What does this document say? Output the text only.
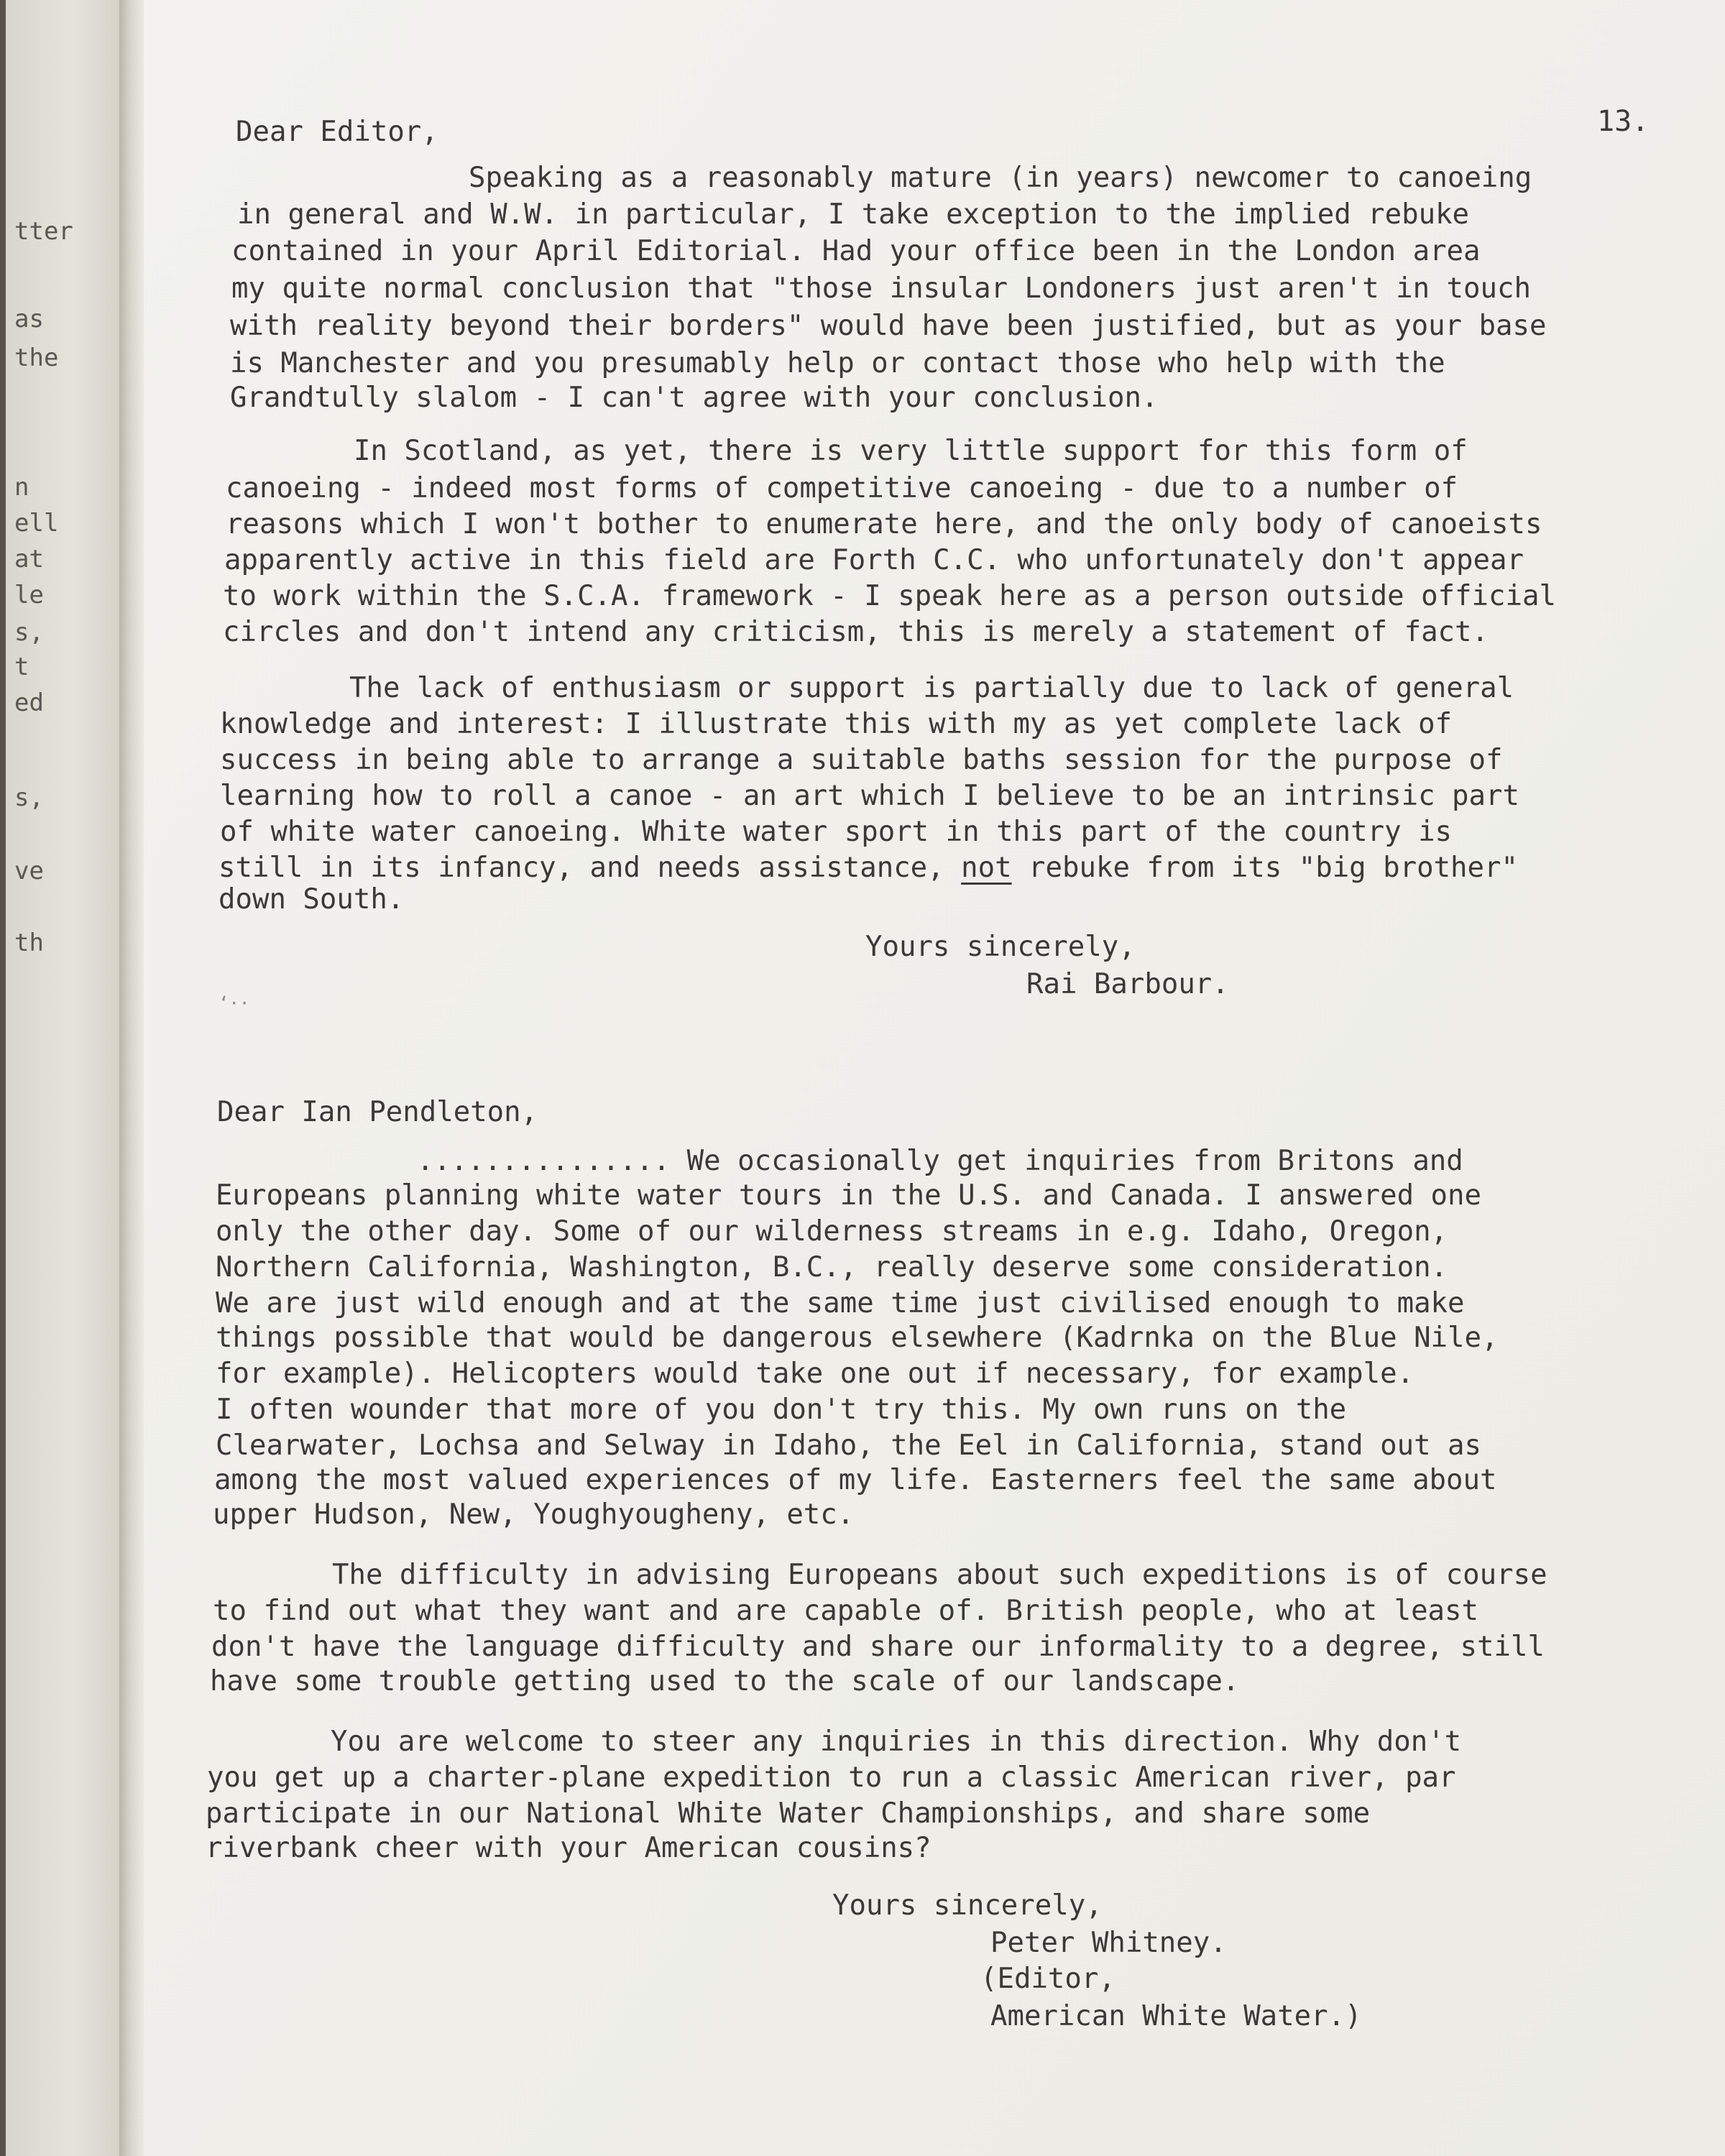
tter
as
the
n
ell
at
le
s,
t
ed
s,
ve
th
13.
Dear Editor,
Speaking as a reasonably mature (in years) newcomer to canoeing
in general and W.W. in particular, I take exception to the implied rebuke
contained in your April Editorial. Had your office been in the London area
my quite normal conclusion that "those insular Londoners just aren't in touch
with reality beyond their borders" would have been justified, but as your base
is Manchester and you presumably help or contact those who help with the
Grandtully slalom - I can't agree with your conclusion.
In Scotland, as yet, there is very little support for this form of
canoeing - indeed most forms of competitive canoeing - due to a number of
reasons which I won't bother to enumerate here, and the only body of canoeists
apparently active in this field are Forth C.C. who unfortunately don't appear
to work within the S.C.A. framework - I speak here as a person outside official
circles and don't intend any criticism, this is merely a statement of fact.
The lack of enthusiasm or support is partially due to lack of general
knowledge and interest: I illustrate this with my as yet complete lack of
success in being able to arrange a suitable baths session for the purpose of
learning how to roll a canoe - an art which I believe to be an intrinsic part
of white water canoeing. White water sport in this part of the country is
still in its infancy, and needs assistance, not rebuke from its "big brother"
down South.
Yours sincerely,
Rai Barbour.
‘··
Dear Ian Pendleton,
............... We occasionally get inquiries from Britons and
Europeans planning white water tours in the U.S. and Canada. I answered one
only the other day. Some of our wilderness streams in e.g. Idaho, Oregon,
Northern California, Washington, B.C., really deserve some consideration.
We are just wild enough and at the same time just civilised enough to make
things possible that would be dangerous elsewhere (Kadrnka on the Blue Nile,
for example). Helicopters would take one out if necessary, for example.
I often wounder that more of you don't try this. My own runs on the
Clearwater, Lochsa and Selway in Idaho, the Eel in California, stand out as
among the most valued experiences of my life. Easterners feel the same about
upper Hudson, New, Youghyougheny, etc.
The difficulty in advising Europeans about such expeditions is of course
to find out what they want and are capable of. British people, who at least
don't have the language difficulty and share our informality to a degree, still
have some trouble getting used to the scale of our landscape.
You are welcome to steer any inquiries in this direction. Why don't
you get up a charter-plane expedition to run a classic American river, par
participate in our National White Water Championships, and share some
riverbank cheer with your American cousins?
Yours sincerely,
Peter Whitney.
(Editor,
American White Water.)
